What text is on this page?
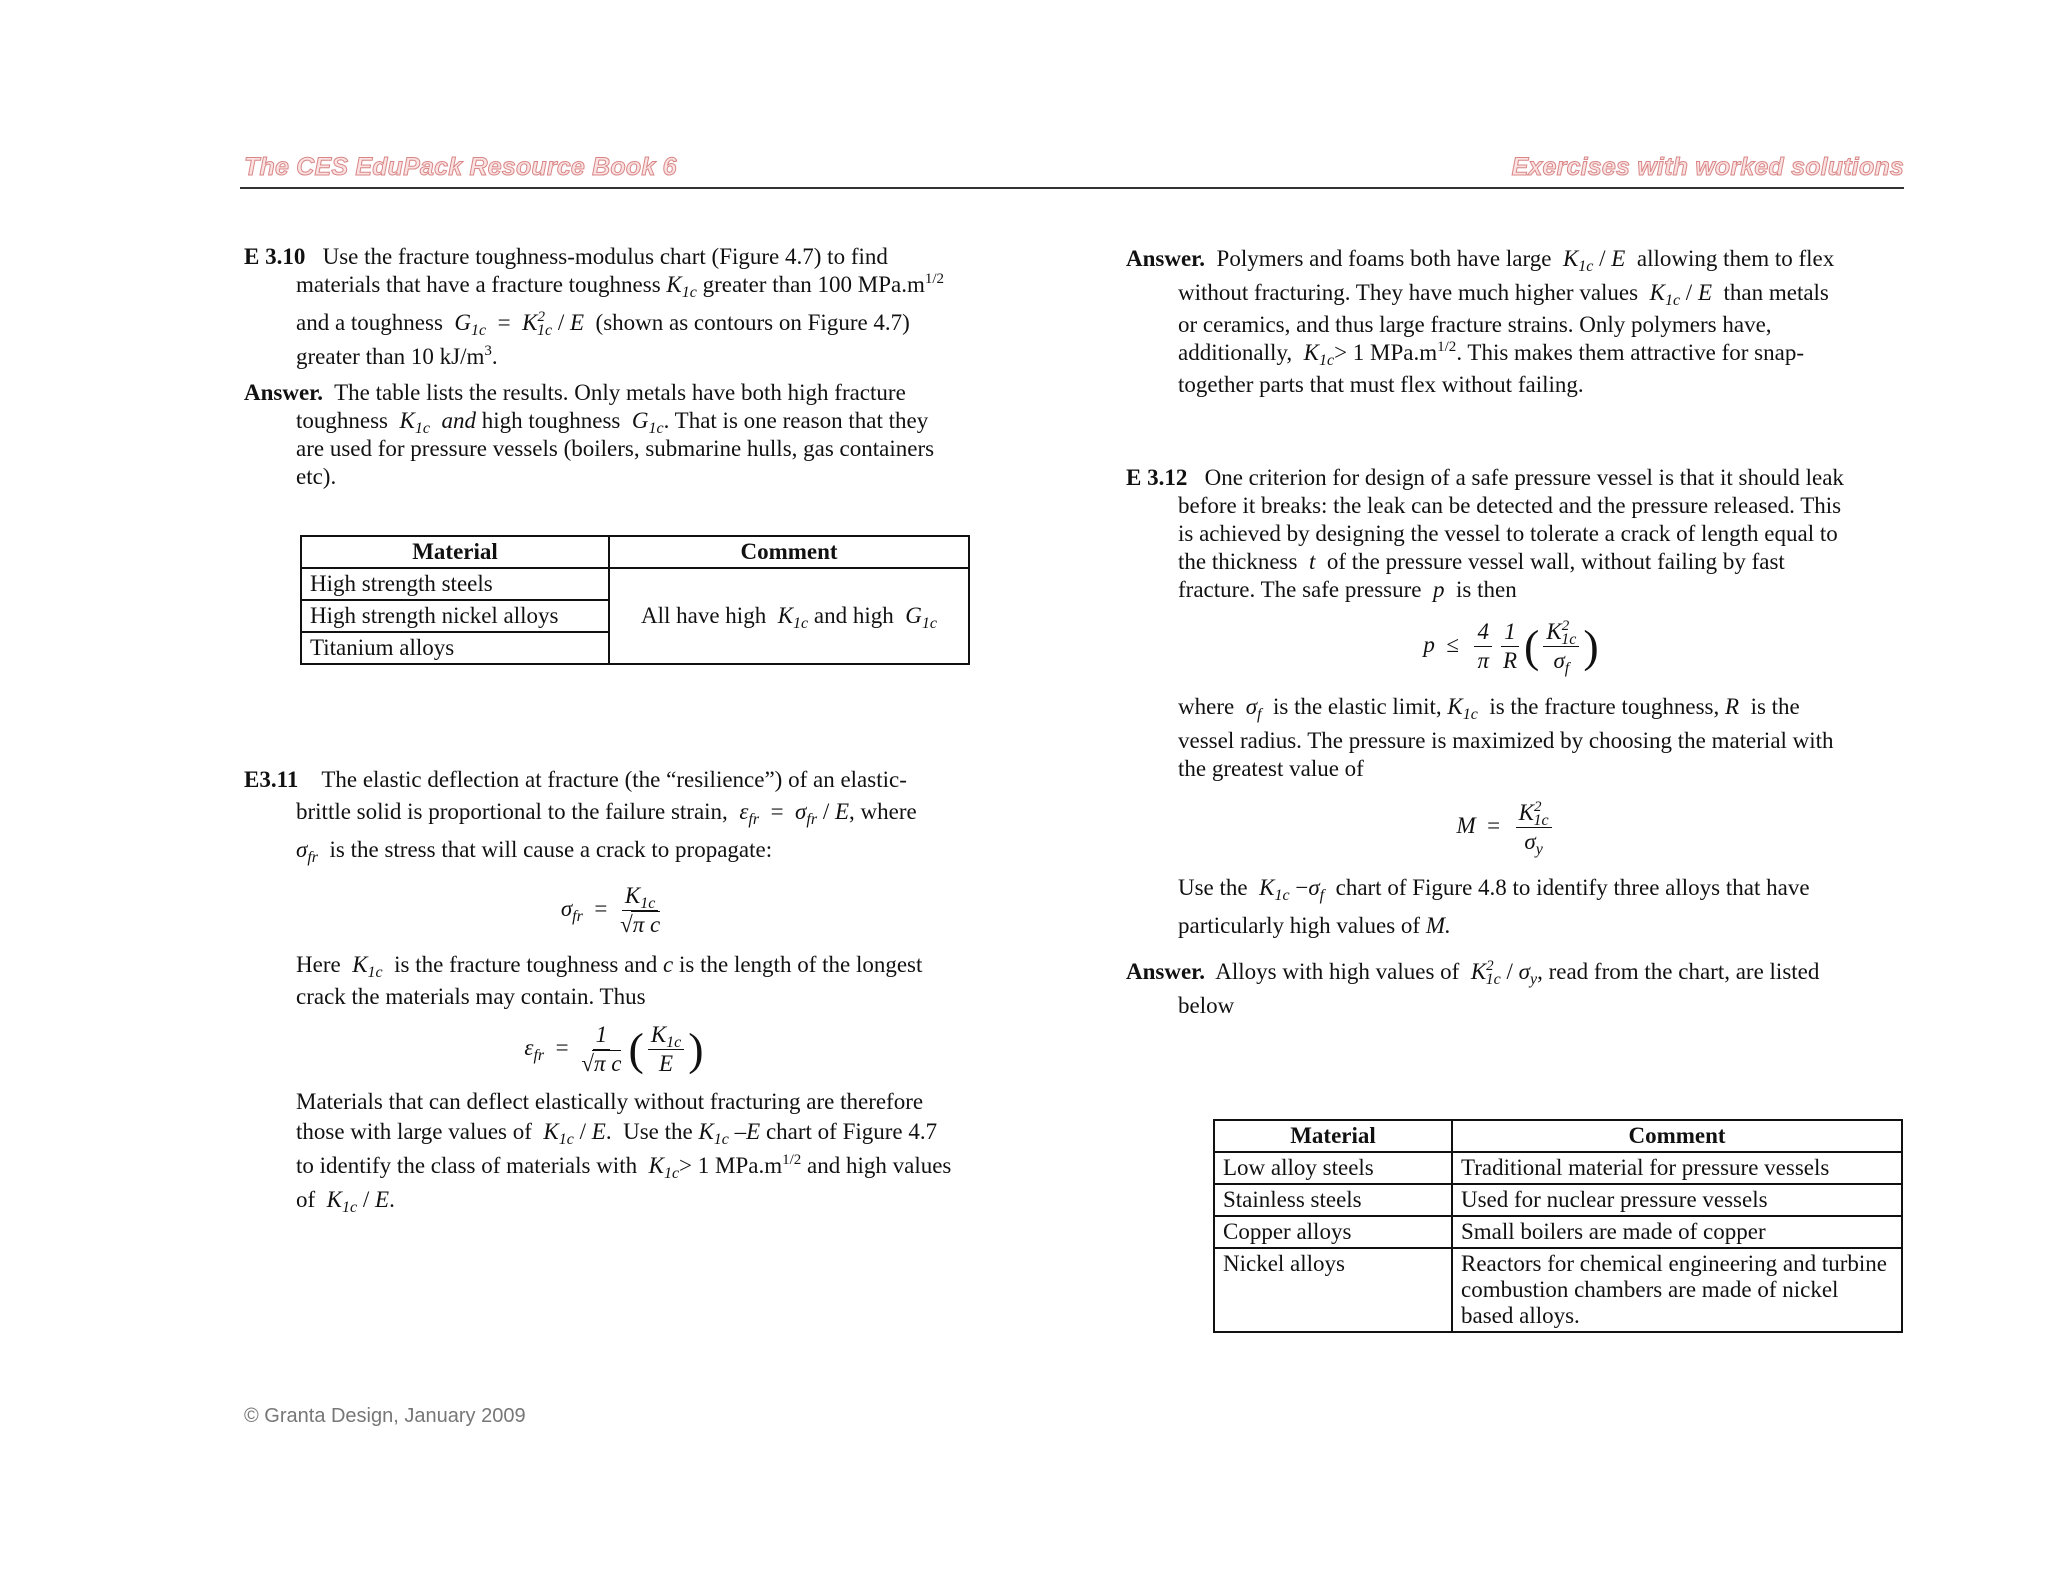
The CES EduPack Resource Book 6	Exercises with worked solutions
E 3.10 Use the fracture toughness-modulus chart (Figure 4.7) to find
materials that have a fracture toughness $K_{1c}$ greater than 100 $MPa.m^{1/2}$
and a toughness $G_{1c} = K^2_{1c} / E$ (shown as contours on Figure 4.7)
greater than 10 $kJ/m^3$.
Answer. The table lists the results. Only metals have both high fracture
toughness $K_{1c}$ and high toughness $G_{1c}$. That is one reason that they
are used for pressure vessels (boilers, submarine hulls, gas containers
etc).
Material	Comment
High strength steels	All have high $K_{1c}$ and high $G_{1c}$
High strength nickel alloys	
Titanium alloys	
E3.11 The elastic deflection at fracture (the “resilience”) of an elastic-
brittle solid is proportional to the failure strain, $\varepsilon_{fr} = \sigma_{fr} / E$, where
$\sigma_{fr}$ is the stress that will cause a crack to propagate:
$\sigma_{fr} = \frac{K_{1c}}{\text{√π c}}$
Here $K_{1c}$ is the fracture toughness and c is the length of the longest
crack the materials may contain. Thus
$\varepsilon_{fr} = \frac{1}{\text{√π c}}$ ( $\frac{K_{1c}}{E}$ )
Materials that can deflect elastically without fracturing are therefore
those with large values of $K_{1c}$ / E.  Use the $K_{1c}$ –E chart of Figure 4.7
to identify the class of materials with $K_{1c}> 1$ $MPa.m^{1/2}$ and high values
of $K_{1c}$ / E.
Answer. Polymers and foams both have large $K_{1c}$ / E allowing them to flex
without fracturing. They have much higher values $K_{1c}$ / E than metals
or ceramics, and thus large fracture strains. Only polymers have,
additionally, $K_{1c}> 1$ $MPa.m^{1/2}$. This makes them attractive for snap-
together parts that must flex without failing.
E 3.12 One criterion for design of a safe pressure vessel is that it should leak
before it breaks: the leak can be detected and the pressure released. This
is achieved by designing the vessel to tolerate a crack of length equal to
the thickness t of the pressure vessel wall, without failing by fast
fracture. The safe pressure p is then
$p \le \frac{4}{\pi} \frac{1}{R}$ ( $\frac{K^2_{1c}}{\sigma_f}$ )
where $\sigma_f$ is the elastic limit, $K_{1c}$ is the fracture toughness, R is the
vessel radius. The pressure is maximized by choosing the material with
the greatest value of
$M = \frac{K^2_{1c}}{\sigma_y}$
Use the $K_{1c} -\sigma_f$ chart of Figure 4.8 to identify three alloys that have
particularly high values of M.
Answer. Alloys with high values of $K^2_{1c} / \sigma_y$, read from the chart, are listed
below
Material	Comment
Low alloy steels	Traditional material for pressure vessels
Stainless steels	Used for nuclear pressure vessels
Copper alloys	Small boilers are made of copper
Nickel alloys	Reactors for chemical engineering and turbine combustion chambers are made of nickel based alloys.
© Granta Design, January 2009
